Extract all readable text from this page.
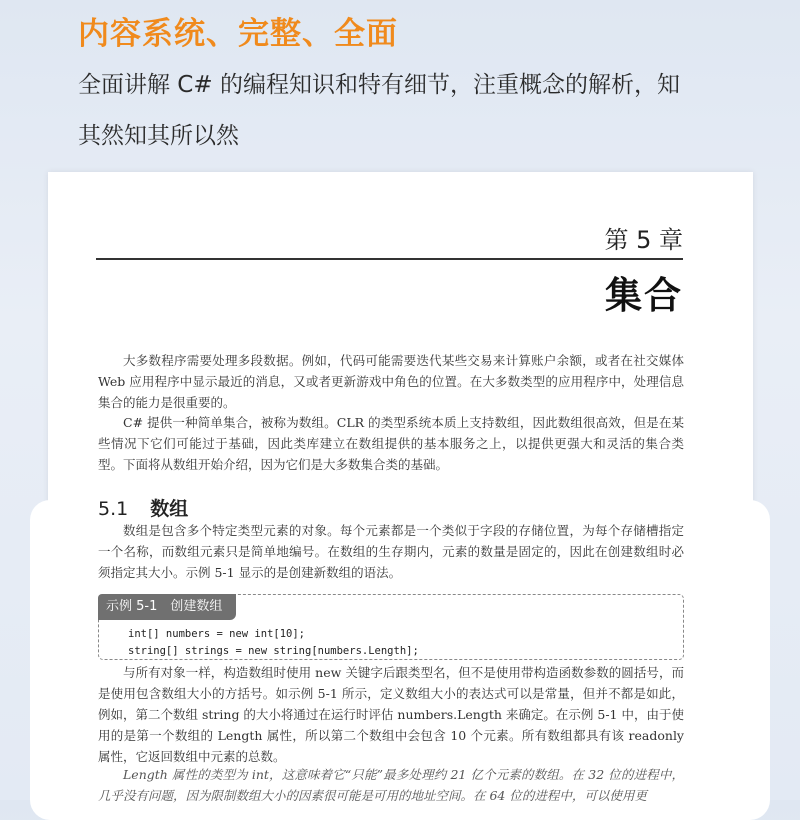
内容系统、完整、全面
全面讲解 C# 的编程知识和特有细节，注重概念的解析，知
其然知其所以然
第 5 章
集合
大多数程序需要处理多段数据。例如，代码可能需要迭代某些交易来计算账户余额，或者在社交媒体 Web 应用程序中显示最近的消息，又或者更新游戏中角色的位置。在大多数类型的应用程序中，处理信息集合的能力是很重要的。
C# 提供一种简单集合，被称为数组。CLR 的类型系统本质上支持数组，因此数组很高效，但是在某些情况下它们可能过于基础，因此类库建立在数组提供的基本服务之上，以提供更强大和灵活的集合类型。下面将从数组开始介绍，因为它们是大多数集合类的基础。
5.1 数组
数组是包含多个特定类型元素的对象。每个元素都是一个类似于字段的存储位置，为每个存储槽指定一个名称，而数组元素只是简单地编号。在数组的生存期内，元素的数量是固定的，因此在创建数组时必须指定其大小。示例 5-1 显示的是创建新数组的语法。
示例 5-1　创建数组
int[] numbers = new int[10];
string[] strings = new string[numbers.Length];
与所有对象一样，构造数组时使用 new 关键字后跟类型名，但不是使用带构造函数参数的圆括号，而是使用包含数组大小的方括号。如示例 5-1 所示，定义数组大小的表达式可以是常量，但并不都是如此，例如，第二个数组 string 的大小将通过在运行时评估 numbers.Length 来确定。在示例 5-1 中，由于使用的是第一个数组的 Length 属性，所以第二个数组中会包含 10 个元素。所有数组都具有该 readonly 属性，它返回数组中元素的总数。
Length 属性的类型为 int，这意味着它“只能”最多处理约 21 亿个元素的数组。在 32 位的进程中，几乎没有问题，因为限制数组大小的因素很可能是可用的地址空间。在 64 位的进程中，可以使用更
